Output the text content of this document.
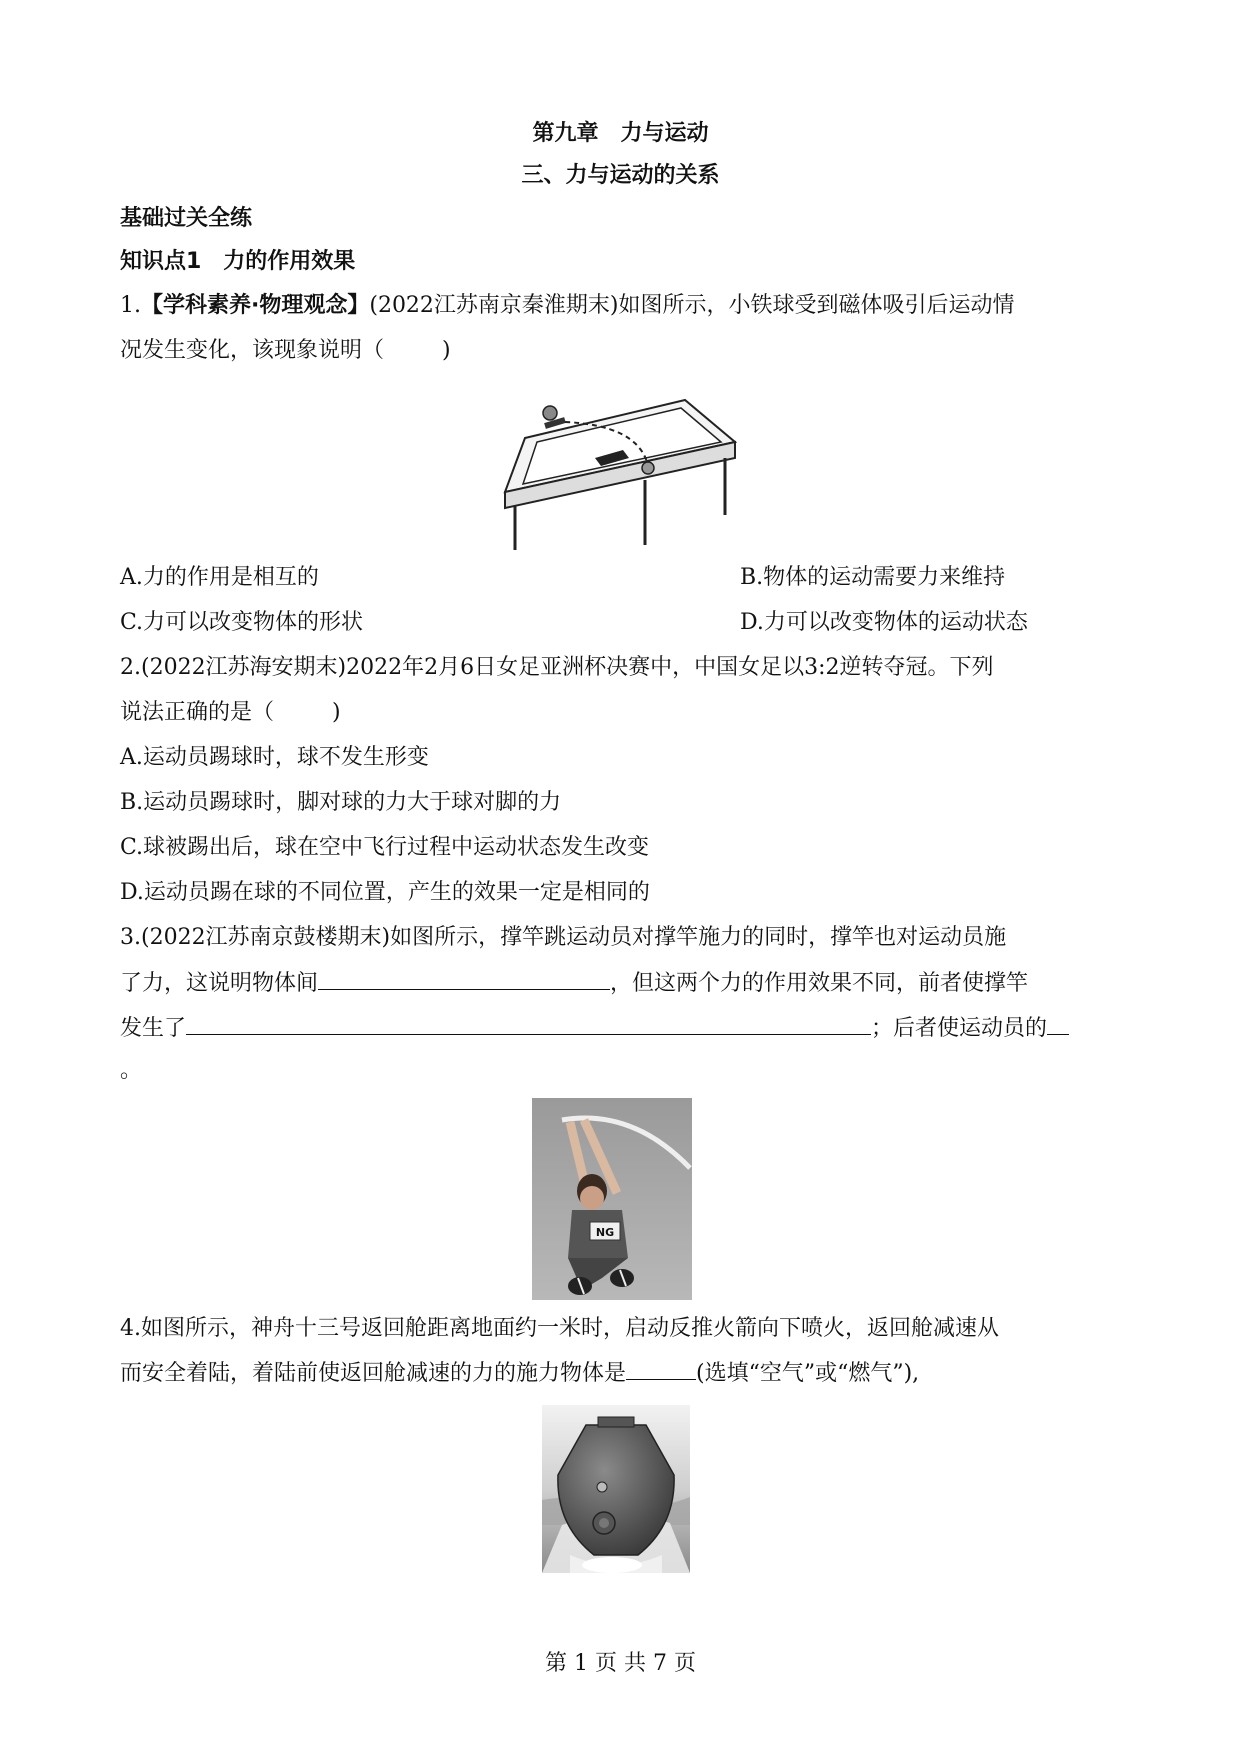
第九章　力与运动
三、力与运动的关系
基础过关全练
知识点1　力的作用效果
1.【学科素养·物理观念】(2022江苏南京秦淮期末)如图所示，小铁球受到磁体吸引后运动情
况发生变化，该现象说明（	)
A.力的作用是相互的	B.物体的运动需要力来维持
C.力可以改变物体的形状	D.力可以改变物体的运动状态
2.(2022江苏海安期末)2022年2月6日女足亚洲杯决赛中，中国女足以3:2逆转夺冠。下列
说法正确的是（	)
A.运动员踢球时，球不发生形变
B.运动员踢球时，脚对球的力大于球对脚的力
C.球被踢出后，球在空中飞行过程中运动状态发生改变
D.运动员踢在球的不同位置，产生的效果一定是相同的
3.(2022江苏南京鼓楼期末)如图所示，撑竿跳运动员对撑竿施力的同时，撑竿也对运动员施
了力，这说明物体间	，但这两个力的作用效果不同，前者使撑竿
发生了	；后者使运动员的
。
NG
4.如图所示，神舟十三号返回舱距离地面约一米时，启动反推火箭向下喷火，返回舱减速从
而安全着陆，着陆前使返回舱减速的力的施力物体是	(选填“空气”或“燃气”),
第 1 页 共 7 页
